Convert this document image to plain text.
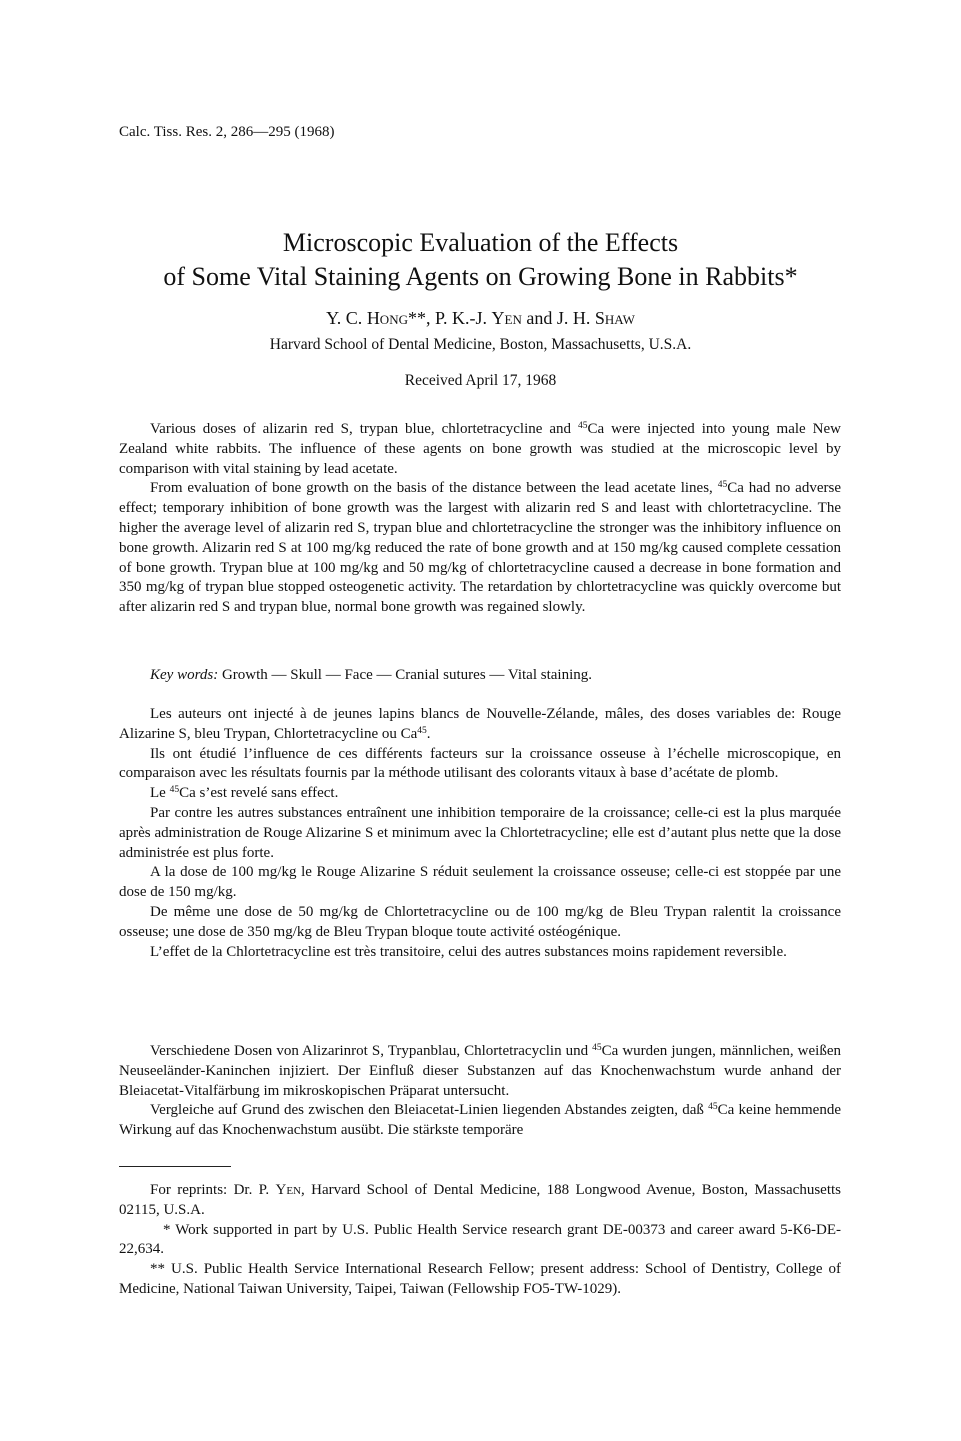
Calc. Tiss. Res. 2, 286—295 (1968)
Microscopic Evaluation of the Effects
of Some Vital Staining Agents on Growing Bone in Rabbits*
Y. C. Hong**, P. K.-J. Yen and J. H. Shaw
Harvard School of Dental Medicine, Boston, Massachusetts, U.S.A.
Received April 17, 1968

Various doses of alizarin red S, trypan blue, chlortetracycline and $^{45}$Ca were injected into young male New Zealand white rabbits. The influence of these agents on bone growth was studied at the microscopic level by comparison with vital staining by lead acetate.

From evaluation of bone growth on the basis of the distance between the lead acetate lines, $^{45}$Ca had no adverse effect; temporary inhibition of bone growth was the largest with alizarin red S and least with chlortetracycline. The higher the average level of alizarin red S, trypan blue and chlortetracycline the stronger was the inhibitory influence on bone growth. Alizarin red S at 100 mg/kg reduced the rate of bone growth and at 150 mg/kg caused complete cessation of bone growth. Trypan blue at 100 mg/kg and 50 mg/kg of chlortetracycline caused a decrease in bone formation and 350 mg/kg of trypan blue stopped osteogenetic activity. The retardation by chlortetracycline was quickly overcome but after alizarin red S and trypan blue, normal bone growth was regained slowly.

Key words: Growth — Skull — Face — Cranial sutures — Vital staining.

Les auteurs ont injecté à de jeunes lapins blancs de Nouvelle-Zélande, mâles, des doses variables de: Rouge Alizarine S, bleu Trypan, Chlortetracycline ou Ca$^{45}$.

Ils ont étudié l’influence de ces différents facteurs sur la croissance osseuse à l’échelle microscopique, en comparaison avec les résultats fournis par la méthode utilisant des colorants vitaux à base d’acétate de plomb.

Le $^{45}$Ca s’est revelé sans effect.

Par contre les autres substances entraînent une inhibition temporaire de la croissance; celle-ci est la plus marquée après administration de Rouge Alizarine S et minimum avec la Chlortetracycline; elle est d’autant plus nette que la dose administrée est plus forte.

A la dose de 100 mg/kg le Rouge Alizarine S réduit seulement la croissance osseuse; celle-ci est stoppée par une dose de 150 mg/kg.

De même une dose de 50 mg/kg de Chlortetracycline ou de 100 mg/kg de Bleu Trypan ralentit la croissance osseuse; une dose de 350 mg/kg de Bleu Trypan bloque toute activité ostéogénique.

L’effet de la Chlortetracycline est très transitoire, celui des autres substances moins rapidement reversible.

Verschiedene Dosen von Alizarinrot S, Trypanblau, Chlortetracyclin und $^{45}$Ca wurden jungen, männlichen, weißen Neuseeländer-Kaninchen injiziert. Der Einfluß dieser Substanzen auf das Knochenwachstum wurde anhand der Bleiacetat-Vitalfärbung im mikroskopischen Präparat untersucht.

Vergleiche auf Grund des zwischen den Bleiacetat-Linien liegenden Abstandes zeigten, daß $^{45}$Ca keine hemmende Wirkung auf das Knochenwachstum ausübt. Die stärkste temporäre

For reprints: Dr. P. Yen, Harvard School of Dental Medicine, 188 Longwood Avenue, Boston, Massachusetts 02115, U.S.A.

* Work supported in part by U.S. Public Health Service research grant DE-00373 and career award 5-K6-DE-22,634.

** U.S. Public Health Service International Research Fellow; present address: School of Dentistry, College of Medicine, National Taiwan University, Taipei, Taiwan (Fellowship FO5-TW-1029).
